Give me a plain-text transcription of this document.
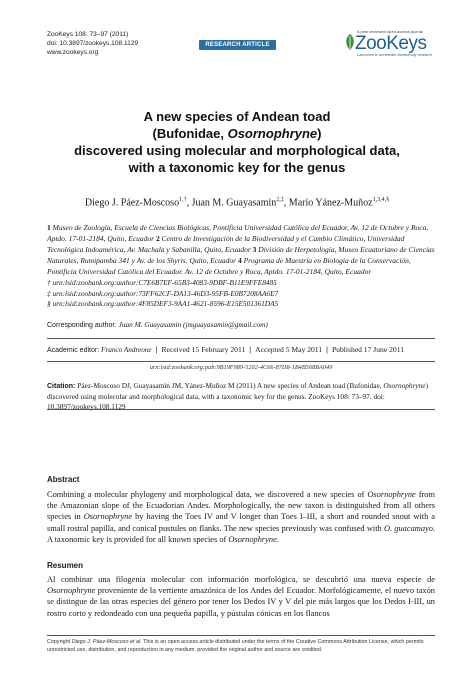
ZooKeys 108: 73–97 (2011)
doi: 10.3897/zookeys.108.1129
www.zookeys.org
RESEARCH ARTICLE
A peer-reviewed open-access journal
ZooKeys
Launched to accelerate biodiversity research
A new species of Andean toad
(Bufonidae, Osornophryne)
discovered using molecular and morphological data,
with a taxonomic key for the genus
Diego J. Páez-Moscoso$^{1,\dagger}$, Juan M. Guayasamin$^{2,\ddagger}$, Mario Yánez-Muñoz$^{1,3,4,\S}$
1 Museo de Zoología, Escuela de Ciencias Biológicas, Pontificia Universidad Católica del Ecuador, Av. 12 de Octubre y Roca, Aptdo. 17-01-2184, Quito, Ecuador 2 Centro de Investigación de la Biodiversidad y el Cambio Climático, Universidad Tecnológica Indoamérica, Av. Machala y Sabanilla, Quito, Ecuador 3 División de Herpetología, Museo Ecuatoriano de Ciencias Naturales, Rumipamba 341 y Av. de los Shyris. Quito, Ecuador 4 Programa de Maestría en Biología de la Conservación, Pontificia Universidad Católica del Ecuador. Av. 12 de Octubre y Roca, Aptdo. 17-01-2184, Quito, Ecuador
† urn:lsid:zoobank.org:author:C7E6B7EF-65B3-4083-9DBF-B11E9FFE8485
‡ urn:lsid:zoobank.org:author:73FF62CF-DA13-46D3-95FB-E0B7208AA6E7
§ urn:lsid:zoobank.org:author:4F85DEF3-9AA1-4621-8596-E15E501361DA5
Corresponding author: Juan M. Guayasamin (jmguayasamin@gmail.com)
Academic editor: Franco Andreone | Received 15 February 2011 | Accepted 5 May 2011 | Published 17 June 2011
urn:lsid:zoobank.org:pub:9B19F989-5202-4C66-87D8-1B4B568BA049
Citation: Páez-Moscoso DJ, Guayasamin JM, Yánez-Muñoz M (2011) A new species of Andean toad (Bufonidae, Osornophryne) discovered using molecular and morphological data, with a taxonomic key for the genus. ZooKeys 108: 73–97. doi: 10.3897/zookeys.108.1129
Abstract
Combining a molecular phylogeny and morphological data, we discovered a new species of Osornophryne from the Amazonian slope of the Ecuadorian Andes. Morphologically, the new taxon is distinguished from all others species in Osornophryne by having the Toes IV and V longer than Toes I–III, a short and rounded snout with a small rostral papilla, and conical pustules on flanks. The new species previously was confused with O. guacamayo. A taxonomic key is provided for all known species of Osornophryne.
Resumen
Al combinar una filogenia molecular con información morfológica, se descubrió una nueva especie de Osornophryne proveniente de la vertiente amazónica de los Andes del Ecuador. Morfológicamente, el nuevo taxón se distingue de las otras especies del género por tener los Dedos IV y V del pie más largos que los Dedos I-III, un rostro corto y redondeado con una pequeña papilla, y pústulas cónicas en los flancos
Copyright Diego J. Páez-Moscoso et al. This is an open access article distributed under the terms of the Creative Commons Attribution License, which permits unrestricted use, distribution, and reproduction in any medium, provided the original author and source are credited.
